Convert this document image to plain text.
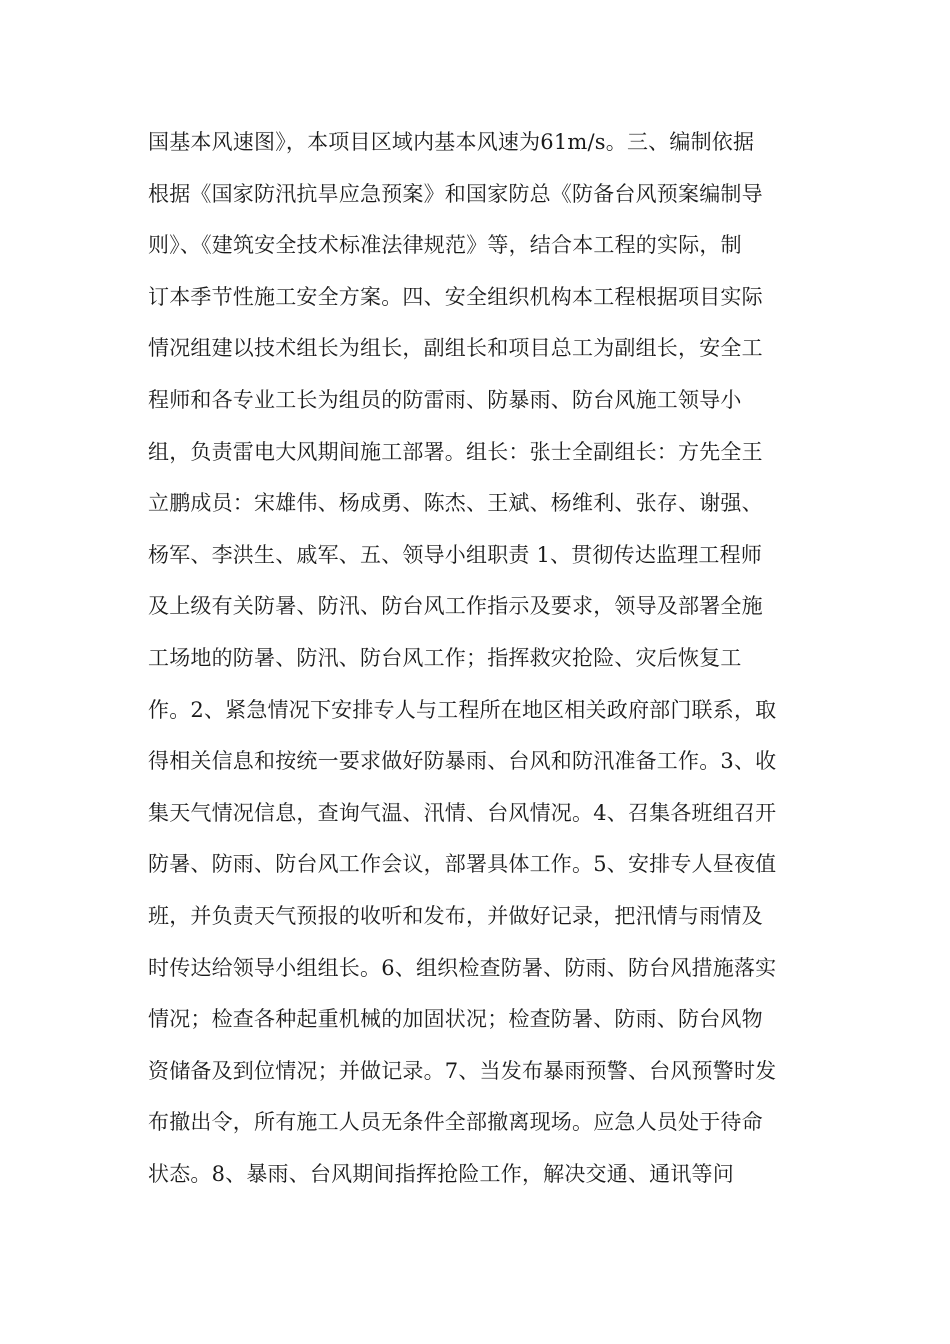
国基本风速图》，本项目区域内基本风速为61m/s。三、编制依据
根据《国家防汛抗旱应急预案》和国家防总《防备台风预案编制导
则》、《建筑安全技术标准法律规范》等，结合本工程的实际，制
订本季节性施工安全方案。四、安全组织机构本工程根据项目实际
情况组建以技术组长为组长，副组长和项目总工为副组长，安全工
程师和各专业工长为组员的防雷雨、防暴雨、防台风施工领导小
组，负责雷电大风期间施工部署。组长：张士全副组长：方先全王
立鹏成员：宋雄伟、杨成勇、陈杰、王斌、杨维利、张存、谢强、
杨军、李洪生、戚军、五、领导小组职责 1、贯彻传达监理工程师
及上级有关防暑、防汛、防台风工作指示及要求，领导及部署全施
工场地的防暑、防汛、防台风工作；指挥救灾抢险、灾后恢复工
作。2、紧急情况下安排专人与工程所在地区相关政府部门联系，取
得相关信息和按统一要求做好防暴雨、台风和防汛准备工作。3、收
集天气情况信息，查询气温、汛情、台风情况。4、召集各班组召开
防暑、防雨、防台风工作会议，部署具体工作。5、安排专人昼夜值
班，并负责天气预报的收听和发布，并做好记录，把汛情与雨情及
时传达给领导小组组长。6、组织检查防暑、防雨、防台风措施落实
情况；检查各种起重机械的加固状况；检查防暑、防雨、防台风物
资储备及到位情况；并做记录。7、当发布暴雨预警、台风预警时发
布撤出令，所有施工人员无条件全部撤离现场。应急人员处于待命
状态。8、暴雨、台风期间指挥抢险工作，解决交通、通讯等问
